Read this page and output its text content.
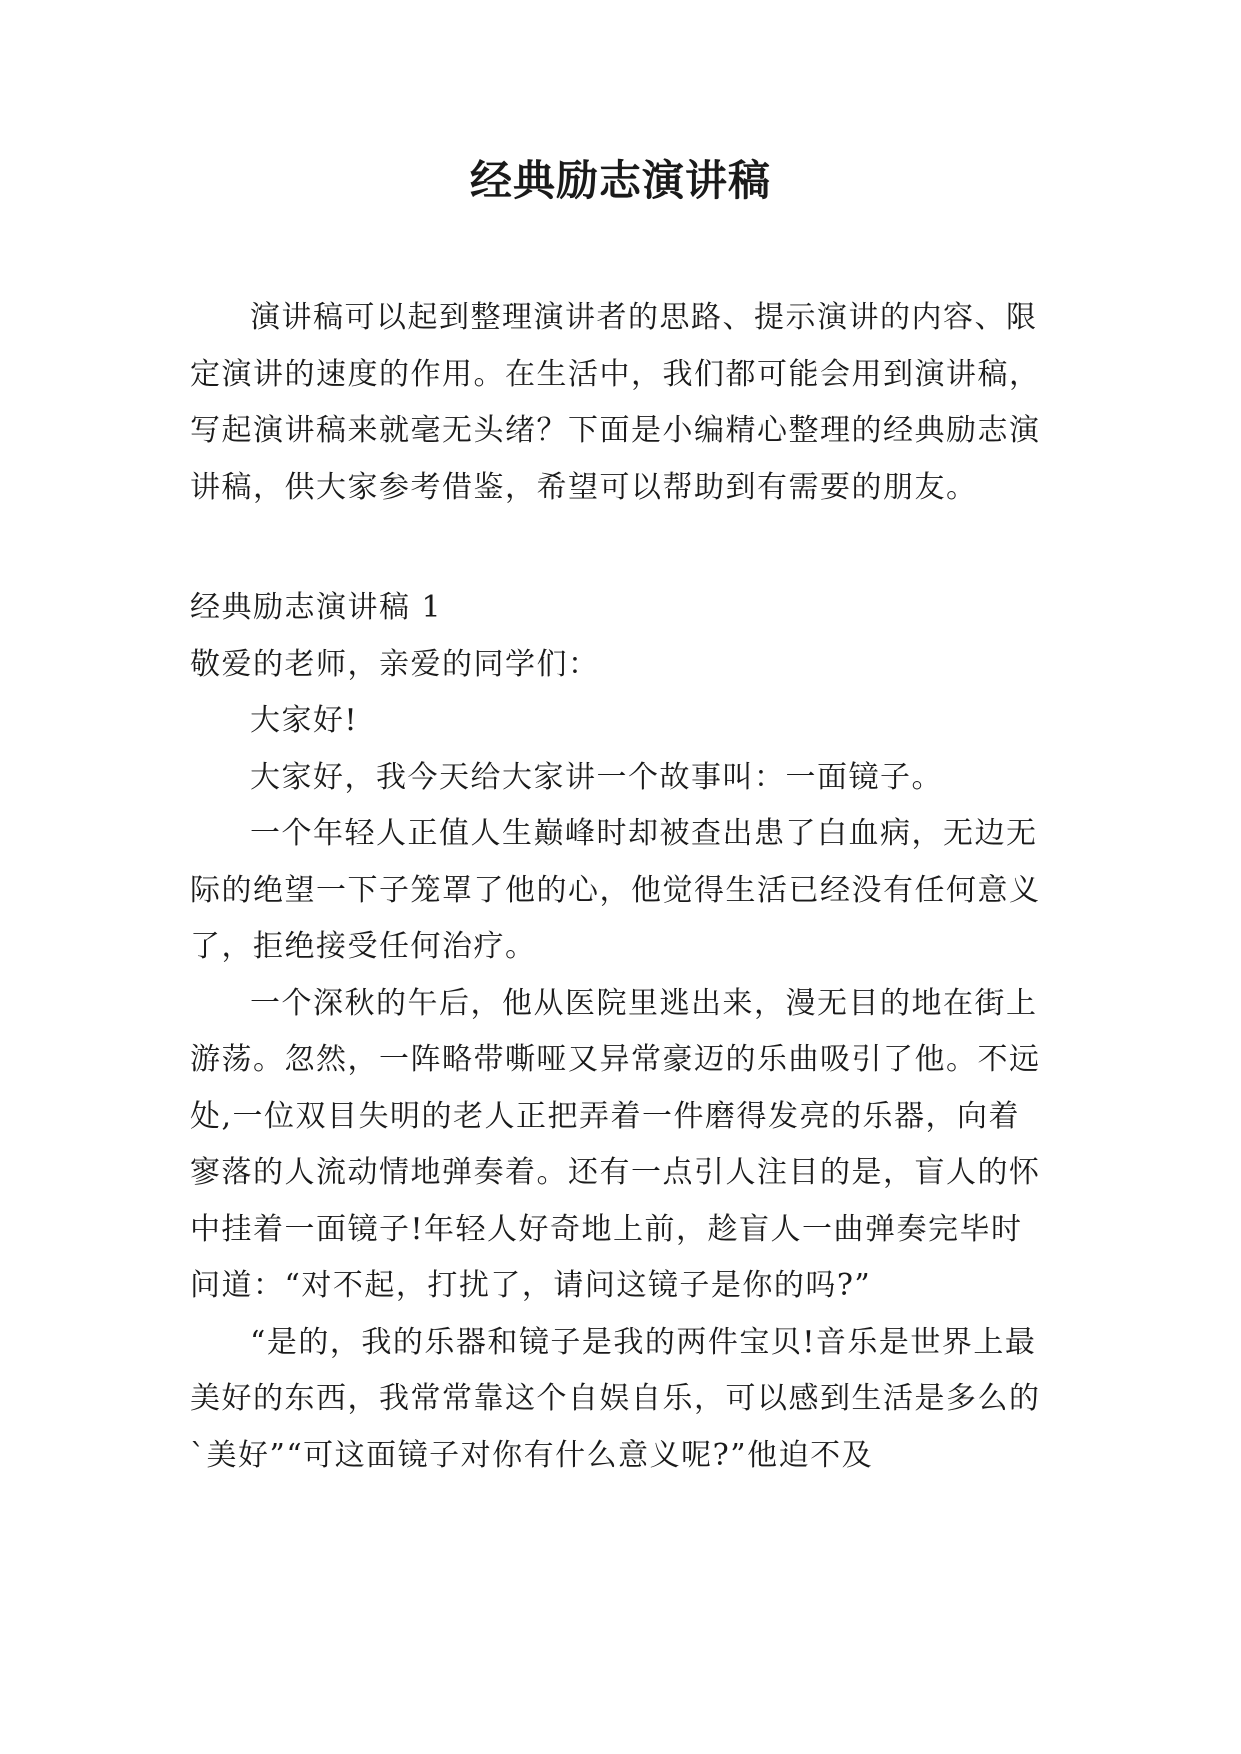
经典励志演讲稿

演讲稿可以起到整理演讲者的思路、提示演讲的内容、限定演讲的速度的作用。在生活中，我们都可能会用到演讲稿，写起演讲稿来就毫无头绪？下面是小编精心整理的经典励志演讲稿，供大家参考借鉴，希望可以帮助到有需要的朋友。

经典励志演讲稿 1

敬爱的老师，亲爱的同学们：

大家好!

大家好，我今天给大家讲一个故事叫：一面镜子。

一个年轻人正值人生巅峰时却被查出患了白血病，无边无际的绝望一下子笼罩了他的心，他觉得生活已经没有任何意义了，拒绝接受任何治疗。

一个深秋的午后，他从医院里逃出来，漫无目的地在街上游荡。忽然，一阵略带嘶哑又异常豪迈的乐曲吸引了他。不远处,一位双目失明的老人正把弄着一件磨得发亮的乐器，向着寥落的人流动情地弹奏着。还有一点引人注目的是，盲人的怀中挂着一面镜子!年轻人好奇地上前，趁盲人一曲弹奏完毕时问道：“对不起，打扰了，请问这镜子是你的吗?”

“是的，我的乐器和镜子是我的两件宝贝!音乐是世界上最美好的东西，我常常靠这个自娱自乐，可以感到生活是多么的`美好”“可这面镜子对你有什么意义呢?”他迫不及
